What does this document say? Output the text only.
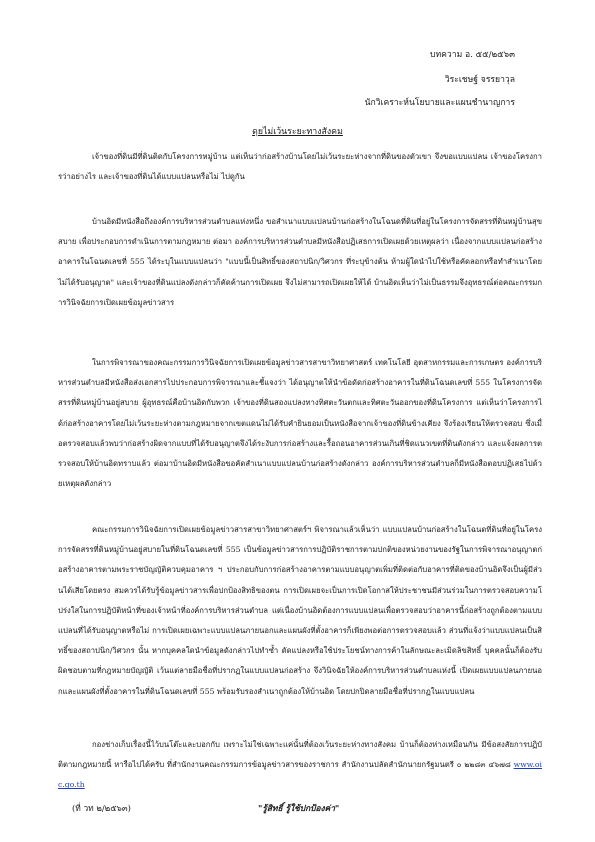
บทความ อ. ๕๕/๒๕๖๓
วิระเชษฐ์ จรรยาวุล
นักวิเคราะห์นโยบายและแผนชำนาญการ
ดุยไม่เว้นระยะทางสังคม

เจ้าของที่ดินมีที่ดินติดกับโครงการหมู่บ้าน แต่เห็นว่าก่อสร้างบ้านโดยไม่เว้นระยะห่างจากที่ดินของตัวเขา จึงขอแบบแปลน เจ้าของโครงการว่าอย่างไร และเจ้าของที่ดินได้แบบแปลนหรือไม่ ไปดูกัน

บ้านอิดมีหนังสือถึงองค์การบริหารส่วนตำบลแห่งหนึ่ง ขอสำเนาแบบแปลนบ้านก่อสร้างในโฉนดที่ดินที่อยู่ในโครงการจัดสรรที่ดินหมู่บ้านสุขสบาย เพื่อประกอบการดำเนินการตามกฎหมาย ต่อมา องค์การบริหารส่วนตำบลมีหนังสือปฏิเสธการเปิดเผยด้วยเหตุผลว่า เนื่องจากแบบแปลนก่อสร้างอาคารในโฉนดเลขที่ 555 ได้ระบุในแบบแปลนว่า "แบบนี้เป็นสิทธิ์ของสถาปนิก/วิศวกร ที่ระบุข้างต้น ห้ามผู้ใดนำไปใช้หรือคัดลอกหรือทำสำเนาโดยไม่ได้รับอนุญาต" และเจ้าของที่ดินแปลงดังกล่าวก็คัดค้านการเปิดเผย จึงไม่สามารถเปิดเผยให้ได้ บ้านอิดเห็นว่าไม่เป็นธรรมจึงอุทธรณ์ต่อคณะกรรมการวินิจฉัยการเปิดเผยข้อมูลข่าวสาร

ในการพิจารณาของคณะกรรมการวินิจฉัยการเปิดเผยข้อมูลข่าวสารสาขาวิทยาศาสตร์ เทคโนโลยี อุตสาหกรรมและการเกษตร องค์การบริหารส่วนตำบลมีหนังสือส่งเอกสารไปประกอบการพิจารณาและชี้แจงว่า ได้อนุญาตให้นำข้อดัดก่อสร้างอาคารในที่ดินโฉนดเลขที่ 555 ในโครงการจัดสรรที่ดินหมู่บ้านอยู่สบาย ผู้อุทธรณ์คือบ้านอิดกับพวก เจ้าของที่ดินสองแปลงทางทิศตะวันตกและทิศตะวันออกของที่ดินโครงการ แต่เห็นว่าโครงการได้ก่อสร้างอาคารโดยไม่เว้นระยะห่างตามกฎหมายจากเขตแดนไม่ได้รับคำยินยอมเป็นหนังสือจากเจ้าของที่ดินข้างเคียง จึงร้องเรียนให้ตรวจสอบ ซึ่งเมื่อตรวจสอบแล้วพบว่าก่อสร้างผิดจากแบบที่ได้รับอนุญาตจึงได้ระงับการก่อสร้างและรื้อถอนอาคารส่วนเกินที่ชิดแนวเขตที่ดินดังกล่าว และแจ้งผลการตรวจสอบให้บ้านอิดทราบแล้ว ต่อมาบ้านอิดมีหนังสือขอคัดสำเนาแบบแปลนบ้านก่อสร้างดังกล่าว องค์การบริหารส่วนตำบลก็มีหนังสือตอบปฏิเสธไปด้วยเหตุผลดังกล่าว

คณะกรรมการวินิจฉัยการเปิดเผยข้อมูลข่าวสารสาขาวิทยาศาสตร์ฯ พิจารณาแล้วเห็นว่า แบบแปลนบ้านก่อสร้างในโฉนดที่ดินที่อยู่ในโครงการจัดสรรที่ดินหมู่บ้านอยู่สบายในที่ดินโฉนดเลขที่ 555 เป็นข้อมูลข่าวสารการปฏิบัติราชการตามปกติของหน่วยงานของรัฐในการพิจารณาอนุญาตก่อสร้างอาคารตามพระราชบัญญัติควบคุมอาคาร ฯ ประกอบกับการก่อสร้างอาคารตามแบบอนุญาตเพิ่มที่ติดต่อกับอาคารที่ติดของบ้านอิดจึงเป็นผู้มีส่วนได้เสียโดยตรง สมควรได้รับรู้ข้อมูลข่าวสารเพื่อปกป้องสิทธิของตน การเปิดเผยจะเป็นการเปิดโอกาสให้ประชาชนมีส่วนร่วมในการตรวจสอบความโปร่งใสในการปฏิบัติหน้าที่ของเจ้าหน้าที่องค์การบริหารส่วนตำบล แต่เนื่องบ้านอิดต้องการแบบแปลนเพื่อตรวจสอบว่าอาคารนี้ก่อสร้างถูกต้องตามแบบแปลนที่ได้รับอนุญาตหรือไม่ การเปิดเผยเฉพาะแบบแปลนภายนอกและแผนผังที่ตั้งอาคารก็เพียงพอต่อการตรวจสอบแล้ว ส่วนที่แจ้งว่าแบบแปลนเป็นสิทธิ์ของสถาปนิก/วิศวกร นั้น หากบุคคลใดนำข้อมูลดังกล่าวไปทำซ้ำ ดัดแปลงหรือใช้ประโยชน์ทางการค้าในลักษณะละเมิดลิขสิทธิ์ บุคคลนั้นก็ต้องรับผิดชอบตามที่กฎหมายบัญญัติ เว้นแต่ลายมือชื่อที่ปรากฏในแบบแปลนก่อสร้าง จึงวินิจฉัยให้องค์การบริหารส่วนตำบลแห่งนี้ เปิดเผยแบบแปลนภายนอกและแผนผังที่ตั้งอาคารในที่ดินโฉนดเลขที่ 555 พร้อมรับรองสำเนาถูกต้องให้บ้านอิด โดยปกปิดลายมือชื่อที่ปรากฏในแบบแปลน

กองช่างเก็บเรื่องนี้ไว้บนโต๊ะและบอกกับ เพราะไม่ใช่เฉพาะแค่นั้นที่ต้องเว้นระยะห่างทางสังคม บ้านก็ต้องห่างเหมือนกัน มีข้อสงสัยการปฏิบัติตามกฎหมายนี้ หารือไปได้ครับ ที่สำนักงานคณะกรรมการข้อมูลข่าวสารของราชการ สำนักงานปลัดสำนักนายกรัฐมนตรี ๐ ๒๒๘๓ ๔๖๗๘ www.oic.go.th

(ที่ วท ๒/๒๕๖๓)	"รู้สิทธิ์ รู้ใช้ปกป้องค่า"
